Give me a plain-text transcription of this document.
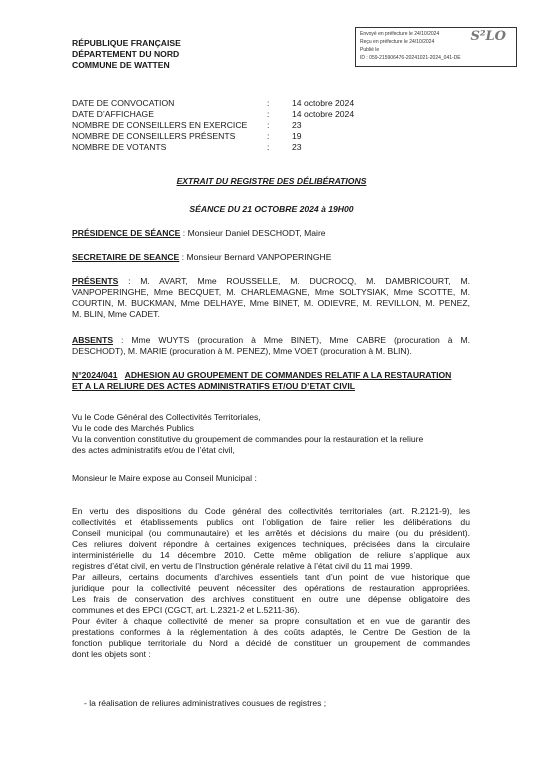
RÉPUBLIQUE FRANÇAISE
DÉPARTEMENT DU NORD
COMMUNE DE WATTEN
Envoyé en préfecture le 24/10/2024
Reçu en préfecture le 24/10/2024
Publié le
ID : 059-215906476-20241021-2024_041-DE
S²LO
DATE DE CONVOCATION	:	14 octobre 2024
DATE D’AFFICHAGE	:	14 octobre 2024
NOMBRE DE CONSEILLERS EN EXERCICE	:	23
NOMBRE DE CONSEILLERS PRÉSENTS	:	19
NOMBRE DE VOTANTS	:	23
EXTRAIT DU REGISTRE DES DÉLIBÉRATIONS
SÉANCE DU 21 OCTOBRE 2024 à 19H00
PRÉSIDENCE DE SÉANCE : Monsieur Daniel DESCHODT, Maire
SECRETAIRE DE SEANCE : Monsieur Bernard VANPOPERINGHE
PRÉSENTS : M. AVART, Mme ROUSSELLE, M. DUCROCQ, M. DAMBRICOURT, M.
VANPOPERINGHE, Mme BECQUET, M. CHARLEMAGNE, Mme SOLTYSIAK, Mme SCOTTE, M.
COURTIN, M. BUCKMAN, Mme DELHAYE, Mme BINET, M. ODIEVRE, M. REVILLON, M. PENEZ,
M. BLIN, Mme CADET.
ABSENTS : Mme WUYTS (procuration à Mme BINET), Mme CABRE (procuration à M.
DESCHODT), M. MARIE (procuration à M. PENEZ), Mme VOET (procuration à M. BLIN).
N°2024/041 ADHESION AU GROUPEMENT DE COMMANDES RELATIF A LA RESTAURATION
ET A LA RELIURE DES ACTES ADMINISTRATIFS ET/OU D’ETAT CIVIL
Vu le Code Général des Collectivités Territoriales,
Vu le code des Marchés Publics
Vu la convention constitutive du groupement de commandes pour la restauration et la reliure
des actes administratifs et/ou de l’état civil,
Monsieur le Maire expose au Conseil Municipal :
En vertu des dispositions du Code général des collectivités territoriales (art. R.2121-9), les
collectivités et établissements publics ont l’obligation de faire relier les délibérations du
Conseil municipal (ou communautaire) et les arrêtés et décisions du maire (ou du président).
Ces reliures doivent répondre à certaines exigences techniques, précisées dans la circulaire
interministérielle du 14 décembre 2010. Cette même obligation de reliure s’applique aux
registres d’état civil, en vertu de l’Instruction générale relative à l’état civil du 11 mai 1999.
Par ailleurs, certains documents d’archives essentiels tant d’un point de vue historique que
juridique pour la collectivité peuvent nécessiter des opérations de restauration appropriées.
Les frais de conservation des archives constituent en outre une dépense obligatoire des
communes et des EPCI (CGCT, art. L.2321-2 et L.5211-36).
Pour éviter à chaque collectivité de mener sa propre consultation et en vue de garantir des
prestations conformes à la réglementation à des coûts adaptés, le Centre De Gestion de la
fonction publique territoriale du Nord a décidé de constituer un groupement de commandes
dont les objets sont :
- la réalisation de reliures administratives cousues de registres ;
